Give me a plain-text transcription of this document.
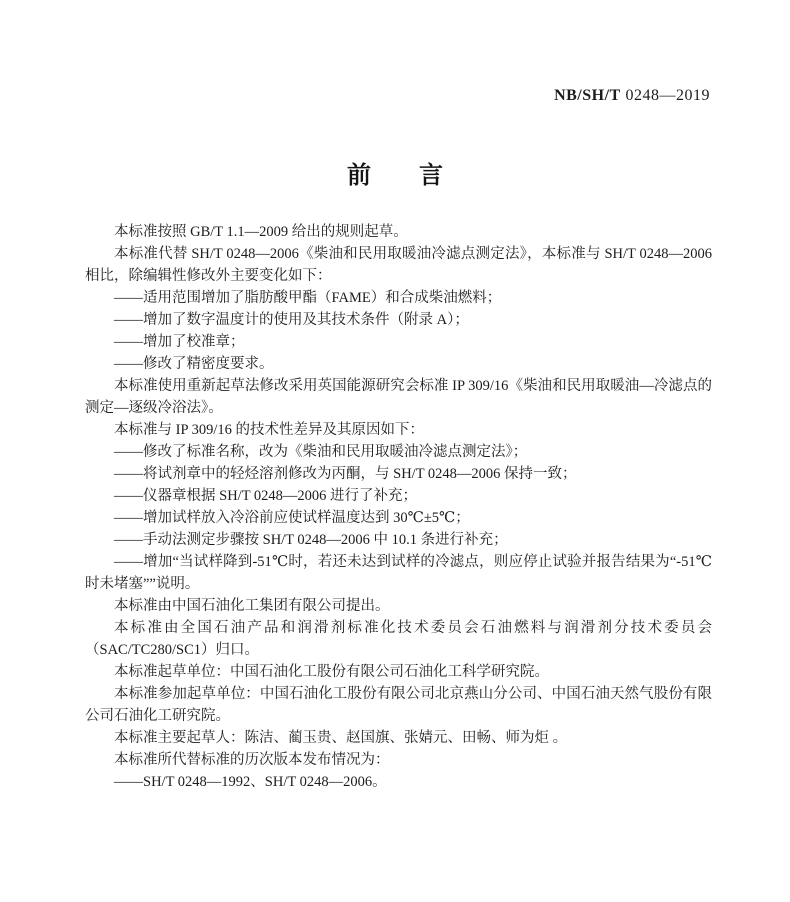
NB/SH/T 0248—2019
前　　言

本标准按照 GB/T 1.1—2009 给出的规则起草。

本标准代替 SH/T 0248—2006《柴油和民用取暖油冷滤点测定法》，本标准与 SH/T 0248—2006 相比，除编辑性修改外主要变化如下：

——适用范围增加了脂肪酸甲酯（FAME）和合成柴油燃料；

——增加了数字温度计的使用及其技术条件（附录 A）；

——增加了校准章；

——修改了精密度要求。

本标准使用重新起草法修改采用英国能源研究会标准 IP 309/16《柴油和民用取暖油—冷滤点的测定—逐级冷浴法》。

本标准与 IP 309/16 的技术性差异及其原因如下：

——修改了标准名称，改为《柴油和民用取暖油冷滤点测定法》；

——将试剂章中的轻烃溶剂修改为丙酮，与 SH/T 0248—2006 保持一致；

——仪器章根据 SH/T 0248—2006 进行了补充；

——增加试样放入冷浴前应使试样温度达到 30℃±5℃；

——手动法测定步骤按 SH/T 0248—2006 中 10.1 条进行补充；

——增加“当试样降到-51℃时，若还未达到试样的冷滤点，则应停止试验并报告结果为“-51℃时未堵塞””说明。

本标准由中国石油化工集团有限公司提出。

本标准由全国石油产品和润滑剂标准化技术委员会石油燃料与润滑剂分技术委员会（SAC/TC280/SC1）归口。

本标准起草单位：中国石油化工股份有限公司石油化工科学研究院。

本标准参加起草单位：中国石油化工股份有限公司北京燕山分公司、中国石油天然气股份有限公司石油化工研究院。

本标准主要起草人：陈洁、蔺玉贵、赵国旗、张婧元、田畅、师为炬 。

本标准所代替标准的历次版本发布情况为：

——SH/T 0248—1992、SH/T 0248—2006。
